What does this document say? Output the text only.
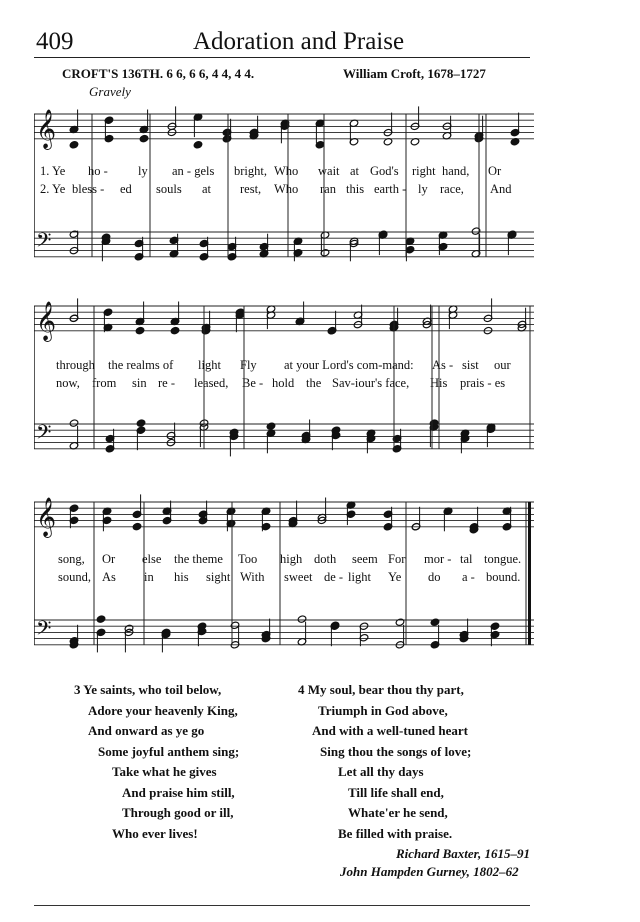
409	Adoration and Praise
CROFT'S 136TH. 6 6, 6 6, 4 4, 4 4.	William Croft, 1678–1727
Gravely
𝄞
𝄢
1. Ye ho - ly an - gels bright, Who wait at God's right hand, Or
2. Ye bless - ed souls at rest, Who ran this earth - ly race, And
𝄞
𝄢
through the realms of light Fly at your Lord's com-mand: As - sist our
now, from sin re - leased, Be - hold the Sav-iour's face, His prais - es
𝄞
𝄢
song, Or else the theme Too high doth seem For mor - tal tongue.
sound, As in his sight With sweet de - light Ye do a - bound.
3 Ye saints, who toil below,
Adore your heavenly King,
And onward as ye go
Some joyful anthem sing;
Take what he gives
And praise him still,
Through good or ill,
Who ever lives!
4 My soul, bear thou thy part,
Triumph in God above,
And with a well-tuned heart
Sing thou the songs of love;
Let all thy days
Till life shall end,
Whate'er he send,
Be filled with praise.
Richard Baxter, 1615–91
John Hampden Gurney, 1802–62
